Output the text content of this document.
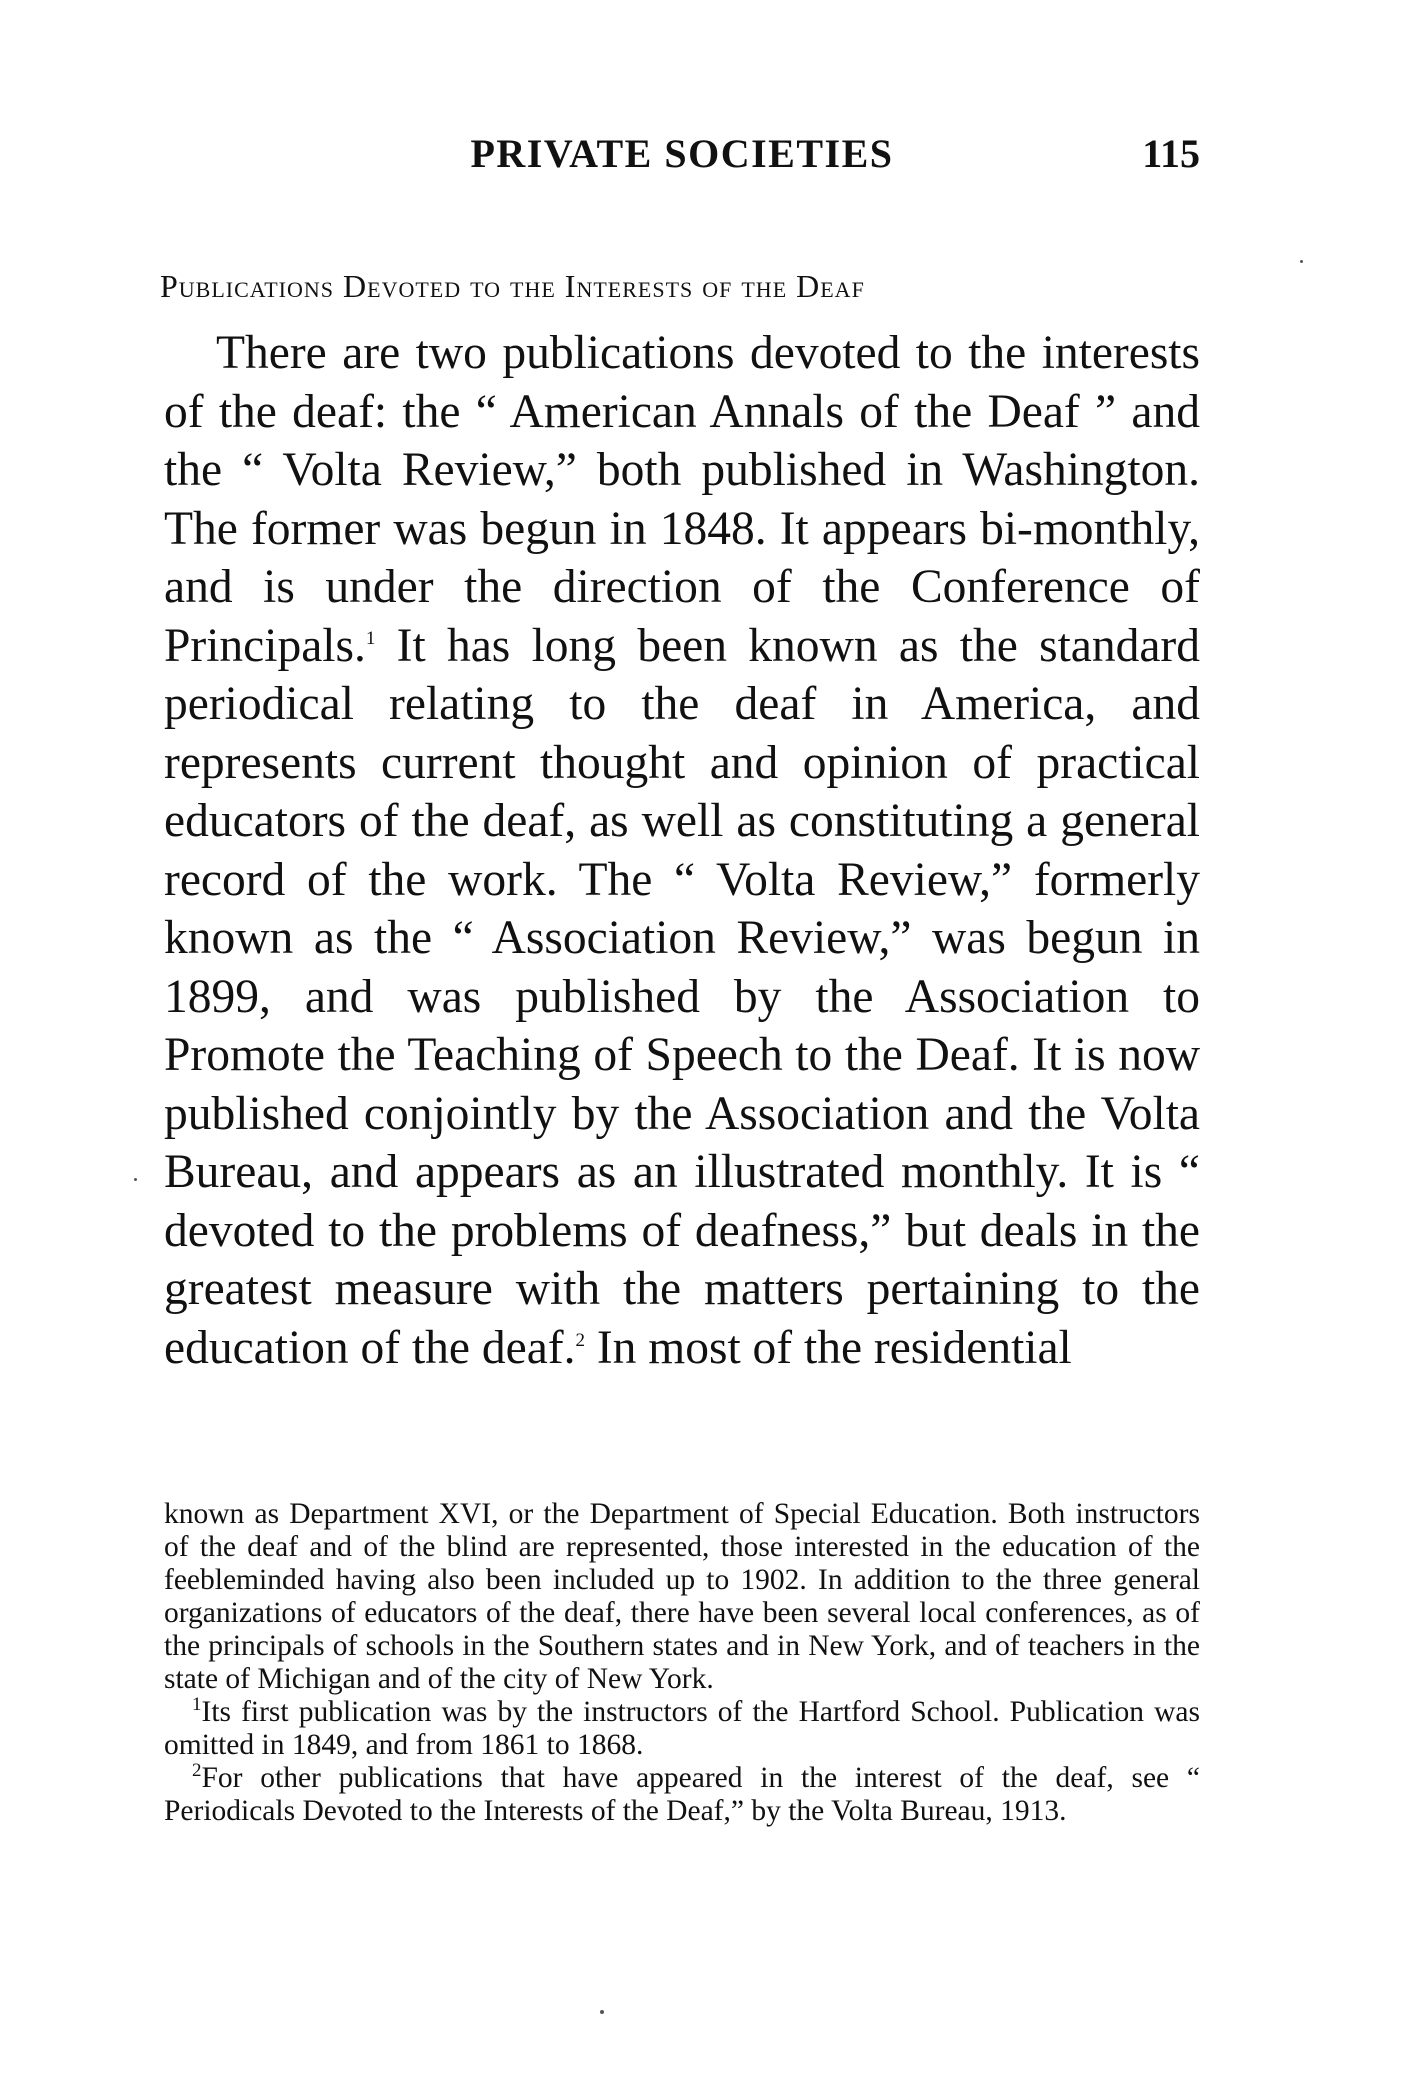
PRIVATE SOCIETIES	115
Publications Devoted to the Interests of the Deaf

There are two publications devoted to the interests of the deaf: the “ American Annals of the Deaf ” and the “ Volta Review,” both published in Washington. The former was begun in 1848. It appears bi-monthly, and is under the direction of the Conference of Principals.$^1$ It has long been known as the standard periodical relating to the deaf in America, and represents current thought and opinion of practical educators of the deaf, as well as constituting a general record of the work. The “ Volta Review,” formerly known as the “ Association Review,” was begun in 1899, and was published by the Association to Promote the Teaching of Speech to the Deaf. It is now published conjointly by the Association and the Volta Bureau, and appears as an illustrated monthly. It is “ devoted to the problems of deafness,” but deals in the greatest measure with the matters pertaining to the education of the deaf.$^2$ In most of the residential

known as Department XVI, or the Department of Special Education. Both instructors of the deaf and of the blind are represented, those interested in the education of the feebleminded having also been included up to 1902. In addition to the three general organizations of educators of the deaf, there have been several local conferences, as of the principals of schools in the Southern states and in New York, and of teachers in the state of Michigan and of the city of New York.

$^1$Its first publication was by the instructors of the Hartford School. Publication was omitted in 1849, and from 1861 to 1868.

$^2$For other publications that have appeared in the interest of the deaf, see “ Periodicals Devoted to the Interests of the Deaf,” by the Volta Bureau, 1913.
